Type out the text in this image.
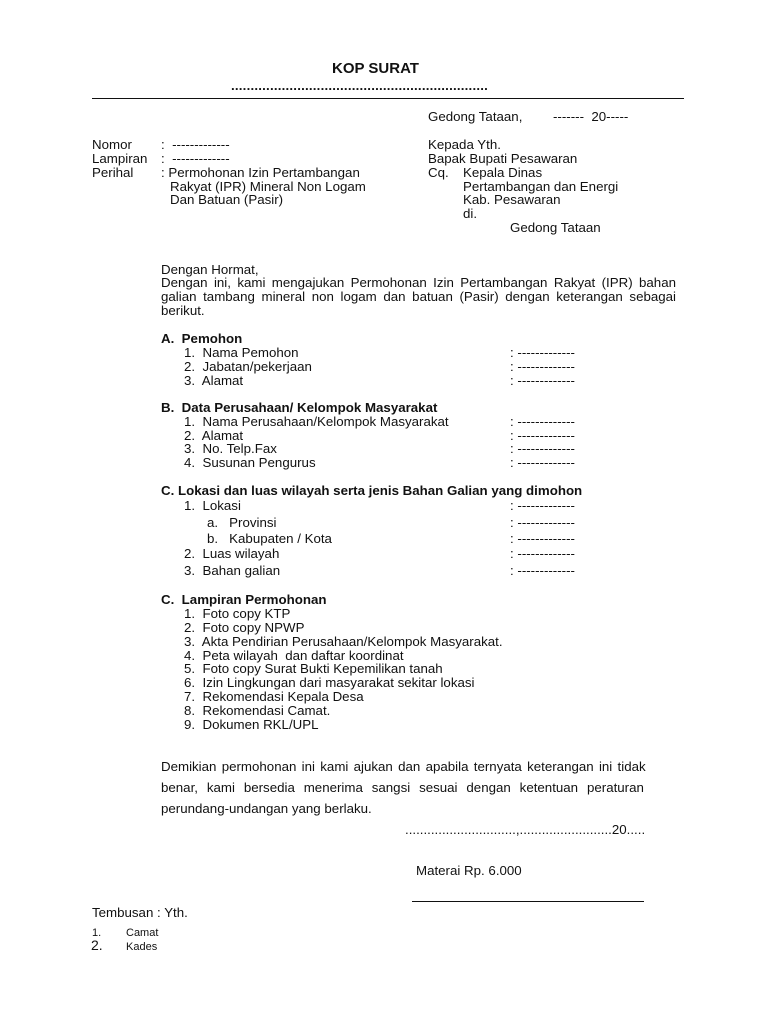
KOP SURAT
..................................................................
Gedong Tataan, -------  20-----
Nomor :  -------------
Lampiran :  -------------
Perihal : Permohonan Izin Pertambangan
Rakyat (IPR) Mineral Non Logam
Dan Batuan (Pasir)
Kepada Yth.
Bapak Bupati Pesawaran
Cq. Kepala Dinas
Pertambangan dan Energi
Kab. Pesawaran
di.
Gedong Tataan
Dengan Hormat,
Dengan ini, kami mengajukan Permohonan Izin Pertambangan Rakyat (IPR) bahan galian tambang mineral non logam dan batuan (Pasir) dengan keterangan sebagai berikut.
A.  Pemohon
1.  Nama Pemohon	: -------------
2.  Jabatan/pekerjaan	: -------------
3.  Alamat	: -------------
B.  Data Perusahaan/ Kelompok Masyarakat
1.  Nama Perusahaan/Kelompok Masyarakat	: -------------
2.  Alamat	: -------------
3.  No. Telp.Fax	: -------------
4.  Susunan Pengurus	: -------------
C. Lokasi dan luas wilayah serta jenis Bahan Galian yang dimohon
1.  Lokasi	: -------------
a.   Provinsi	: -------------
b.   Kabupaten / Kota	: -------------
2.  Luas wilayah	: -------------
3.  Bahan galian	: -------------
C.  Lampiran Permohonan
1.  Foto copy KTP
2.  Foto copy NPWP
3.  Akta Pendirian Perusahaan/Kelompok Masyarakat.
4.  Peta wilayah  dan daftar koordinat
5.  Foto copy Surat Bukti Kepemilikan tanah
6.  Izin Lingkungan dari masyarakat sekitar lokasi
7.  Rekomendasi Kepala Desa
8.  Rekomendasi Camat.
9.  Dokumen RKL/UPL
Demikian permohonan ini kami ajukan dan apabila ternyata keterangan ini tidak
benar, kami bersedia menerima sangsi sesuai dengan ketentuan peraturan
perundang-undangan yang berlaku.
..............................,.........................20.....
Materai Rp. 6.000
Tembusan : Yth.
1. Camat
2. Kades
